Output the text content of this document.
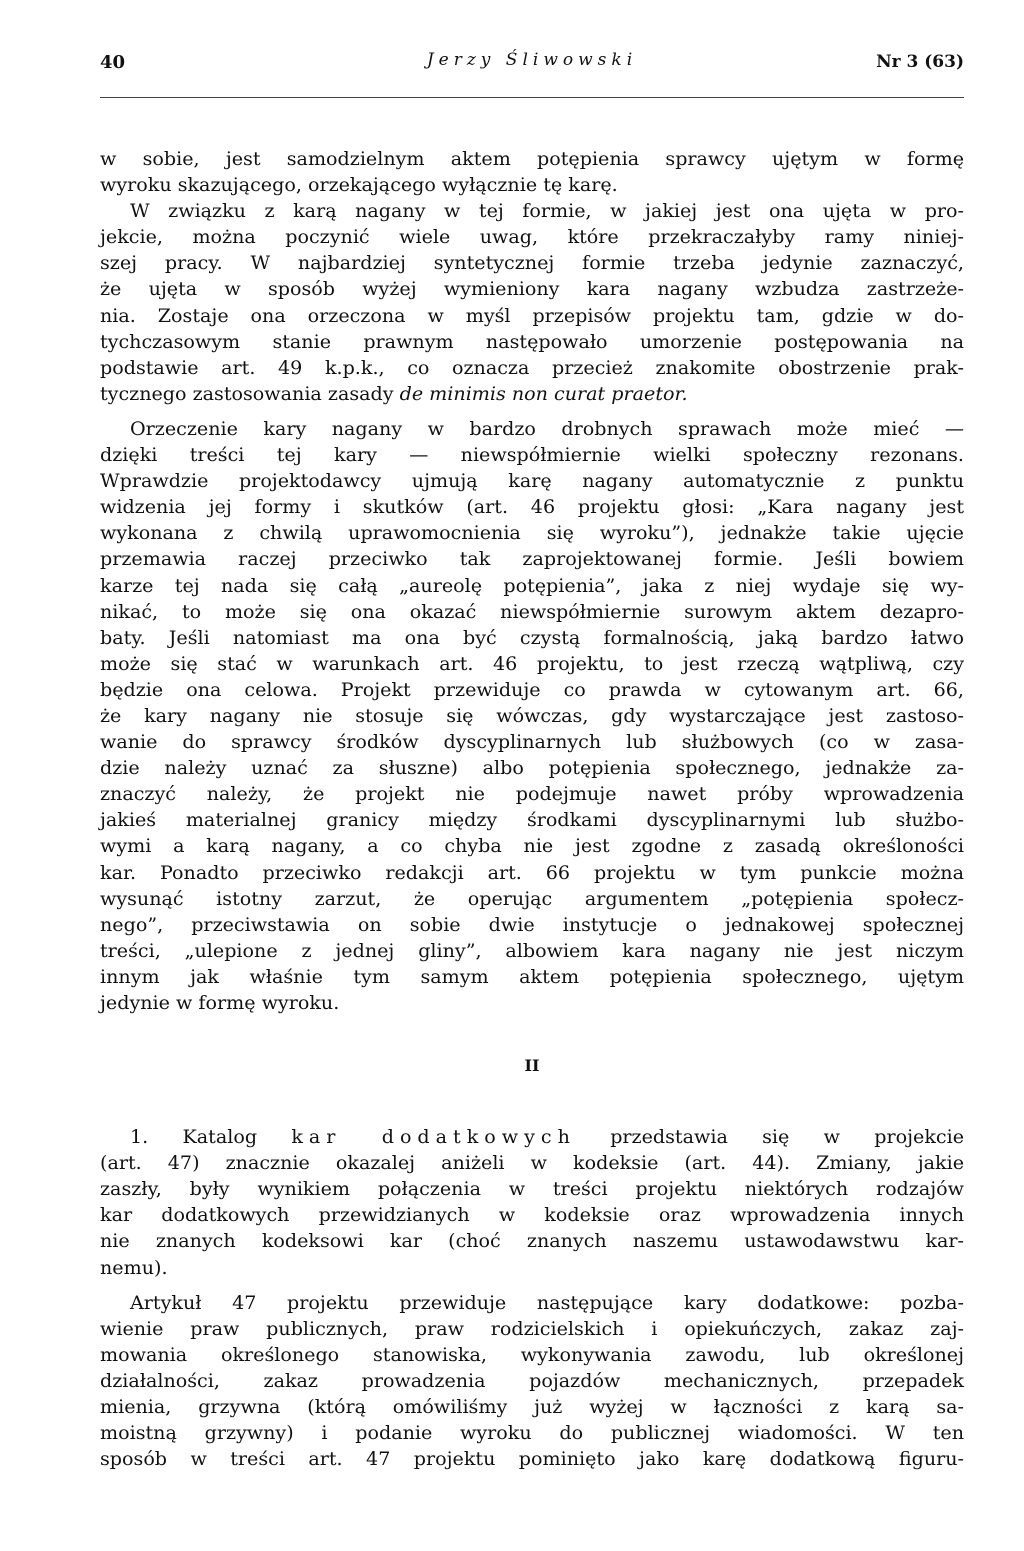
40	Jerzy Śliwowski	Nr 3 (63)
w sobie, jest samodzielnym aktem potępienia sprawcy ujętym w formę
wyroku skazującego, orzekającego wyłącznie tę karę.
W związku z karą nagany w tej formie, w jakiej jest ona ujęta w pro-
jekcie, można poczynić wiele uwag, które przekraczałyby ramy niniej-
szej pracy. W najbardziej syntetycznej formie trzeba jedynie zaznaczyć,
że ujęta w sposób wyżej wymieniony kara nagany wzbudza zastrzeże-
nia. Zostaje ona orzeczona w myśl przepisów projektu tam, gdzie w do-
tychczasowym stanie prawnym następowało umorzenie postępowania na
podstawie art. 49 k.p.k., co oznacza przecież znakomite obostrzenie prak-
tycznego zastosowania zasady de minimis non curat praetor.
Orzeczenie kary nagany w bardzo drobnych sprawach może mieć —
dzięki treści tej kary — niewspółmiernie wielki społeczny rezonans.
Wprawdzie projektodawcy ujmują karę nagany automatycznie z punktu
widzenia jej formy i skutków (art. 46 projektu głosi: „Kara nagany jest
wykonana z chwilą uprawomocnienia się wyroku”), jednakże takie ujęcie
przemawia raczej przeciwko tak zaprojektowanej formie. Jeśli bowiem
karze tej nada się całą „aureolę potępienia”, jaka z niej wydaje się wy-
nikać, to może się ona okazać niewspółmiernie surowym aktem dezapro-
baty. Jeśli natomiast ma ona być czystą formalnością, jaką bardzo łatwo
może się stać w warunkach art. 46 projektu, to jest rzeczą wątpliwą, czy
będzie ona celowa. Projekt przewiduje co prawda w cytowanym art. 66,
że kary nagany nie stosuje się wówczas, gdy wystarczające jest zastoso-
wanie do sprawcy środków dyscyplinarnych lub służbowych (co w zasa-
dzie należy uznać za słuszne) albo potępienia społecznego, jednakże za-
znaczyć należy, że projekt nie podejmuje nawet próby wprowadzenia
jakieś materialnej granicy między środkami dyscyplinarnymi lub służbo-
wymi a karą nagany, a co chyba nie jest zgodne z zasadą określoności
kar. Ponadto przeciwko redakcji art. 66 projektu w tym punkcie można
wysunąć istotny zarzut, że operując argumentem „potępienia społecz-
nego”, przeciwstawia on sobie dwie instytucje o jednakowej społecznej
treści, „ulepione z jednej gliny”, albowiem kara nagany nie jest niczym
innym jak właśnie tym samym aktem potępienia społecznego, ujętym
jedynie w formę wyroku.
II
1. Katalog kar dodatkowych przedstawia się w projekcie
(art. 47) znacznie okazalej aniżeli w kodeksie (art. 44). Zmiany, jakie
zaszły, były wynikiem połączenia w treści projektu niektórych rodzajów
kar dodatkowych przewidzianych w kodeksie oraz wprowadzenia innych
nie znanych kodeksowi kar (choć znanych naszemu ustawodawstwu kar-
nemu).
Artykuł 47 projektu przewiduje następujące kary dodatkowe: pozba-
wienie praw publicznych, praw rodzicielskich i opiekuńczych, zakaz zaj-
mowania określonego stanowiska, wykonywania zawodu, lub określonej
działalności, zakaz prowadzenia pojazdów mechanicznych, przepadek
mienia, grzywna (którą omówiliśmy już wyżej w łączności z karą sa-
moistną grzywny) i podanie wyroku do publicznej wiadomości. W ten
sposób w treści art. 47 projektu pominięto jako karę dodatkową figuru-
